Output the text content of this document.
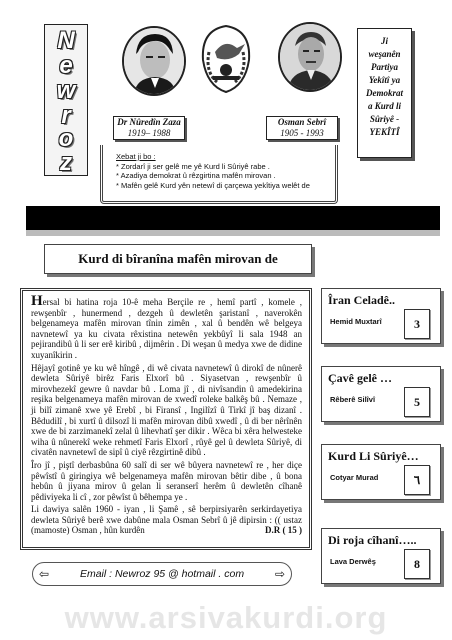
N
e
w
r
o
z
Dr Nûredîn Zaza
1919– 1988
Osman Sebrî
1905 - 1993
Ji
weşanên
Partiya
Yekîtî ya
Demokrat
a Kurd li
Sûriyê -
YEKÎTÎ
Xebat ji bo :
* Zordarî ji ser gelê me yê Kurd li Sûriyê rabe .
* Azadiya demokrat û rêzgirtina mafên mirovan .
* Mafên gelê Kurd yên netewî di çarçewa yekîtiya welêt de
Kurd di bîranîna mafên mirovan de

Hersal bi hatina roja 10-ê meha Berçile re , hemî partî , komele , rewşenbîr , hunermend , dezgeh û dewletên şaristanî , naverokên belgenameya mafên mirovan tînin zimên , xal û bendên wê belgeya navnetewî ya ku civata rêxistina netewên yekbûyî li sala 1948 an pejirandibû û li ser erê kiribû , dijmêrin . Di weşan û medya xwe de didine xuyanîkirin .

Hêjayî gotinê ye ku wê hîngê , di wê civata navnetewî û dirokî de nûnerê dewleta Sûriyê birêz Faris Elxorî bû . Siyasetvan , rewşenbîr û mirovhezekî gewre û navdar bû . Loma jî , di nivîsandin û amedekirina reşika belgenameya mafên mirovan de xwedî roleke balkêş bû . Nemaze , ji bilî zimanê xwe yê Erebî , bi Firansî , Ingilîzî û Tirkî jî baş dizanî . Bêdudilî , bi xurtî û dilsozî li mafên mirovan dibû xwedî , û di ber nêrînên xwe de bi zarzimanekî zelal û lihevhatî şer dikir . Wêca bi xêra helwesteke wiha û nûnerekî weke rehmetî Faris Elxorî , rûyê gel û dewleta Sûriyê, di civatên navnetewî de sipî û ciyê rêzgirtinê dibû .

Îro jî , piştî derbasbûna 60 salî di ser wê bûyera navnetewî re , her diçe pêwîstî û giringiya wê belgenameya mafên mirovan bêtir dibe , û bona hebûn û jiyana mirov û gelan li seranserî herêm û dewletên cîhanê pêdiviyeka li cî , zor pêwîst û bêhempa ye .

Li dawiya salên 1960 - iyan , li Şamê , sê berpirsiyarên serkirdayetiya dewleta Sûriyê berê xwe dabûne mala Osman Sebrî û jê dipirsin : (( ustaz (mamoste) Osman , hûn kurdên	D.R ( 15 )

⇦	Email : Newroz 95 @ hotmail . com	⇨
Îran Celadê..
Hemid Muxtarî	3
Çavê gelê …
Rêberê Silîvî	5
Kurd Li Sûriyê…
Cotyar Murad	٦
Di roja cîhanî…..
Lava Derwêş	8
www.arsivakurdi.org
